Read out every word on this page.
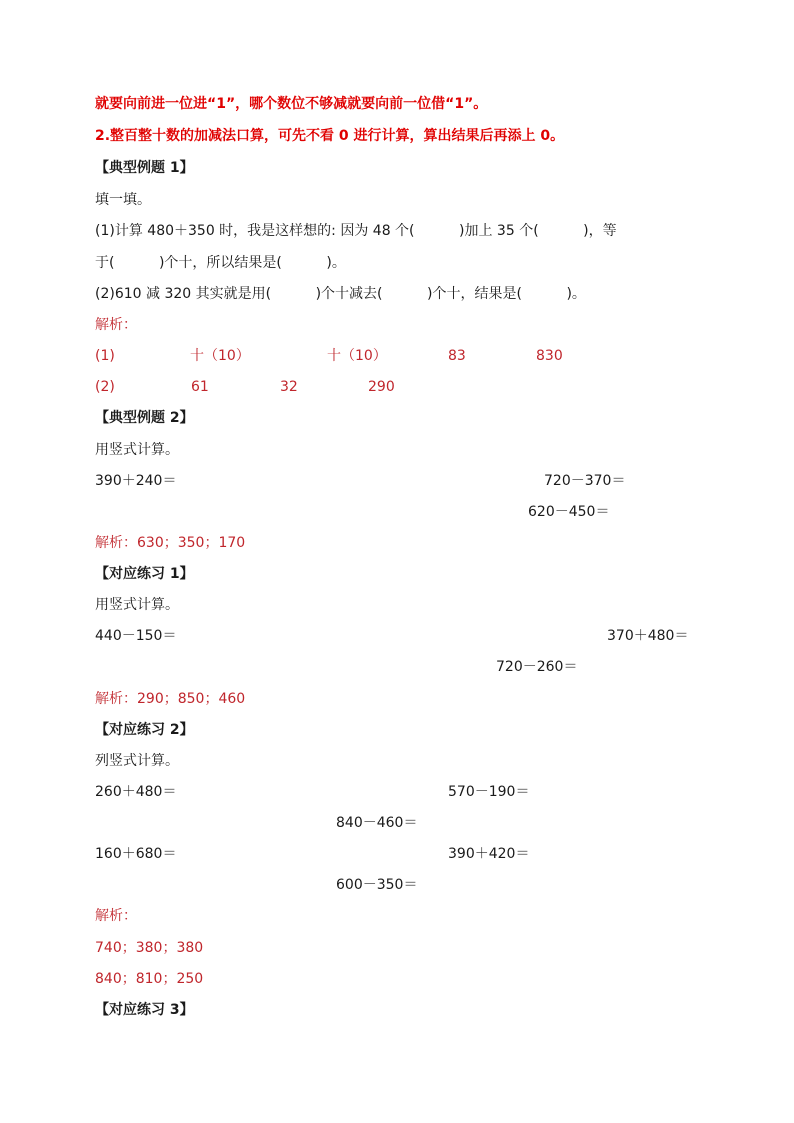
就要向前进一位进“1”，哪个数位不够减就要向前一位借“1”。
2.整百整十数的加减法口算，可先不看 0 进行计算，算出结果后再添上 0。
【典型例题 1】
填一填。
(1)计算 480＋350 时，我是这样想的: 因为 48 个(          )加上 35 个(          )，等
于(          )个十，所以结果是(          )。
(2)610 减 320 其实就是用(          )个十减去(          )个十，结果是(          )。
解析：
(1)	十（10）	十（10）	83	830
(2)	61	32	290
【典型例题 2】
用竖式计算。
390＋240＝	720－370＝
620－450＝
解析：630；350；170
【对应练习 1】
用竖式计算。
440－150＝	370＋480＝
720－260＝
解析：290；850；460
【对应练习 2】
列竖式计算。
260＋480＝	570－190＝
840－460＝
160＋680＝	390＋420＝
600－350＝
解析：
740；380；380
840；810；250
【对应练习 3】
